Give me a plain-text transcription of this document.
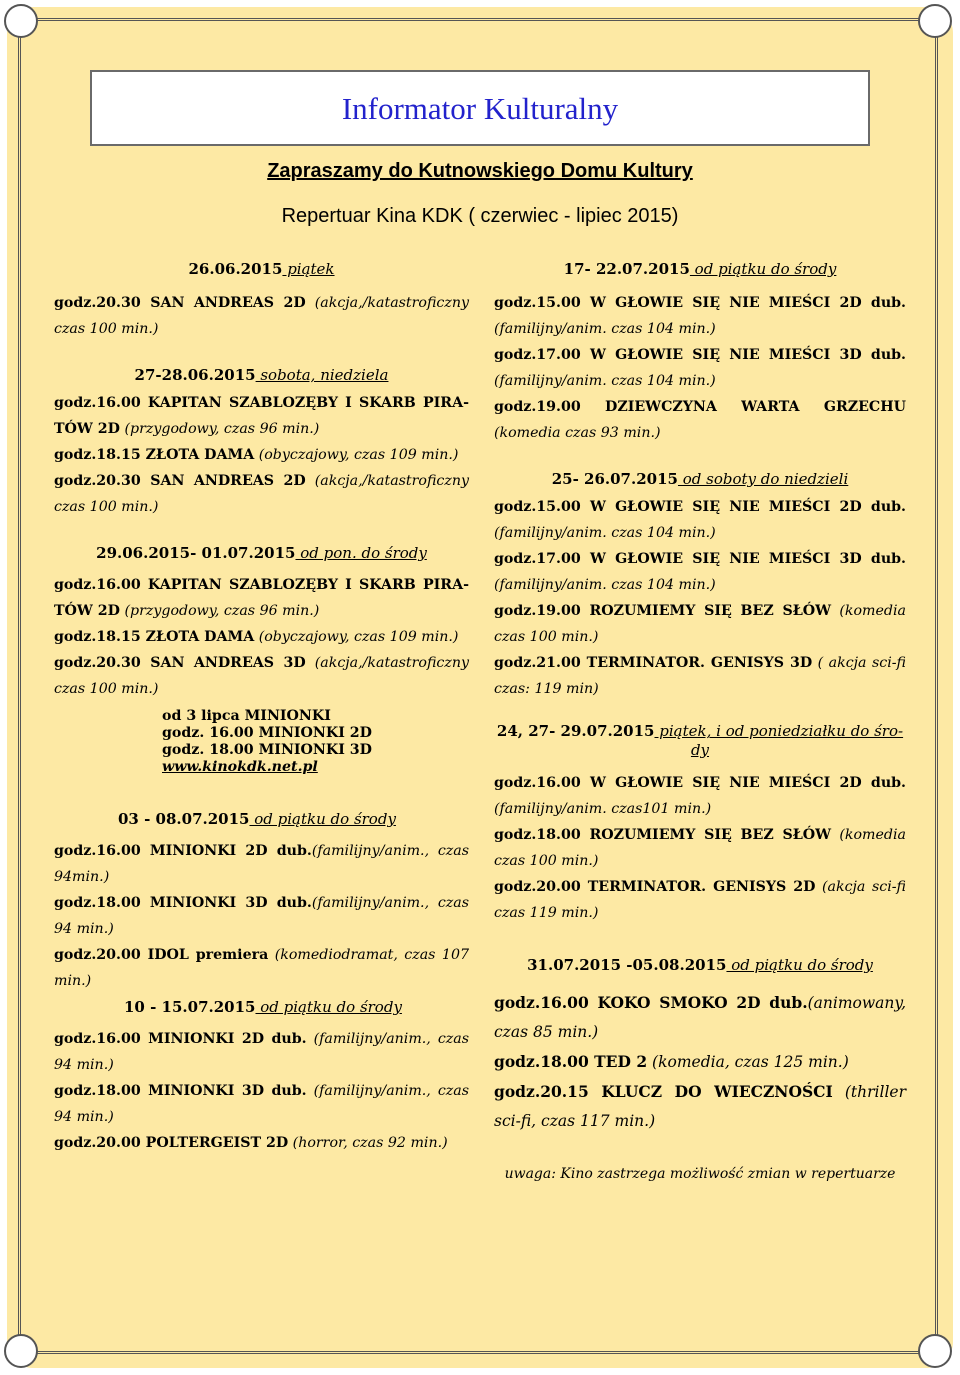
Informator Kulturalny
Zapraszamy do Kutnowskiego Domu Kultury
Repertuar Kina KDK ( czerwiec - lipiec 2015)
26.06.2015 piątek

godz.20.30 SAN ANDREAS 2D (akcja,/katastroficzny czas 100 min.)

27-28.06.2015 sobota, niedziela

godz.16.00 KAPITAN SZABLOZĘBY I SKARB PIRA-TÓW 2D (przygodowy, czas 96 min.)

godz.18.15 ZŁOTA DAMA (obyczajowy, czas 109 min.)

godz.20.30 SAN ANDREAS 2D (akcja,/katastroficzny czas 100 min.)

29.06.2015- 01.07.2015 od pon. do środy

godz.16.00 KAPITAN SZABLOZĘBY I SKARB PIRA-TÓW 2D (przygodowy, czas 96 min.)

godz.18.15 ZŁOTA DAMA (obyczajowy, czas 109 min.)

godz.20.30 SAN ANDREAS 3D (akcja,/katastroficzny czas 100 min.)

od 3 lipca MINIONKI
godz. 16.00 MINIONKI 2D
godz. 18.00 MINIONKI 3D
www.kinokdk.net.pl
03 - 08.07.2015 od piątku do środy

godz.16.00 MINIONKI 2D dub.(familijny/anim., czas 94min.)

godz.18.00 MINIONKI 3D dub.(familijny/anim., czas 94 min.)

godz.20.00 IDOL premiera (komediodramat, czas 107 min.)

10 - 15.07.2015 od piątku do środy

godz.16.00 MINIONKI 2D dub. (familijny/anim., czas 94 min.)

godz.18.00 MINIONKI 3D dub. (familijny/anim., czas 94 min.)

godz.20.00 POLTERGEIST 2D (horror, czas 92 min.)

17- 22.07.2015 od piątku do środy

godz.15.00 W GŁOWIE SIĘ NIE MIEŚCI 2D dub. (familijny/anim. czas 104 min.)

godz.17.00 W GŁOWIE SIĘ NIE MIEŚCI 3D dub. (familijny/anim. czas 104 min.)

godz.19.00 DZIEWCZYNA WARTA GRZECHU (komedia czas 93 min.)

25- 26.07.2015 od soboty do niedzieli

godz.15.00 W GŁOWIE SIĘ NIE MIEŚCI 2D dub. (familijny/anim. czas 104 min.)

godz.17.00 W GŁOWIE SIĘ NIE MIEŚCI 3D dub. (familijny/anim. czas 104 min.)

godz.19.00 ROZUMIEMY SIĘ BEZ SŁÓW (komedia czas 100 min.)

godz.21.00 TERMINATOR. GENISYS 3D ( akcja sci-fi czas: 119 min)

24, 27- 29.07.2015 piątek, i od poniedziałku do śro-dy

godz.16.00 W GŁOWIE SIĘ NIE MIEŚCI 2D dub. (familijny/anim. czas101 min.)

godz.18.00 ROZUMIEMY SIĘ BEZ SŁÓW (komedia czas 100 min.)

godz.20.00 TERMINATOR. GENISYS 2D (akcja sci-fi czas 119 min.)

31.07.2015 -05.08.2015 od piątku do środy

godz.16.00 KOKO SMOKO 2D dub.(animowany, czas 85 min.)

godz.18.00 TED 2 (komedia, czas 125 min.)

godz.20.15 KLUCZ DO WIECZNOŚCI (thriller sci-fi, czas 117 min.)

uwaga: Kino zastrzega możliwość zmian w repertuarze
